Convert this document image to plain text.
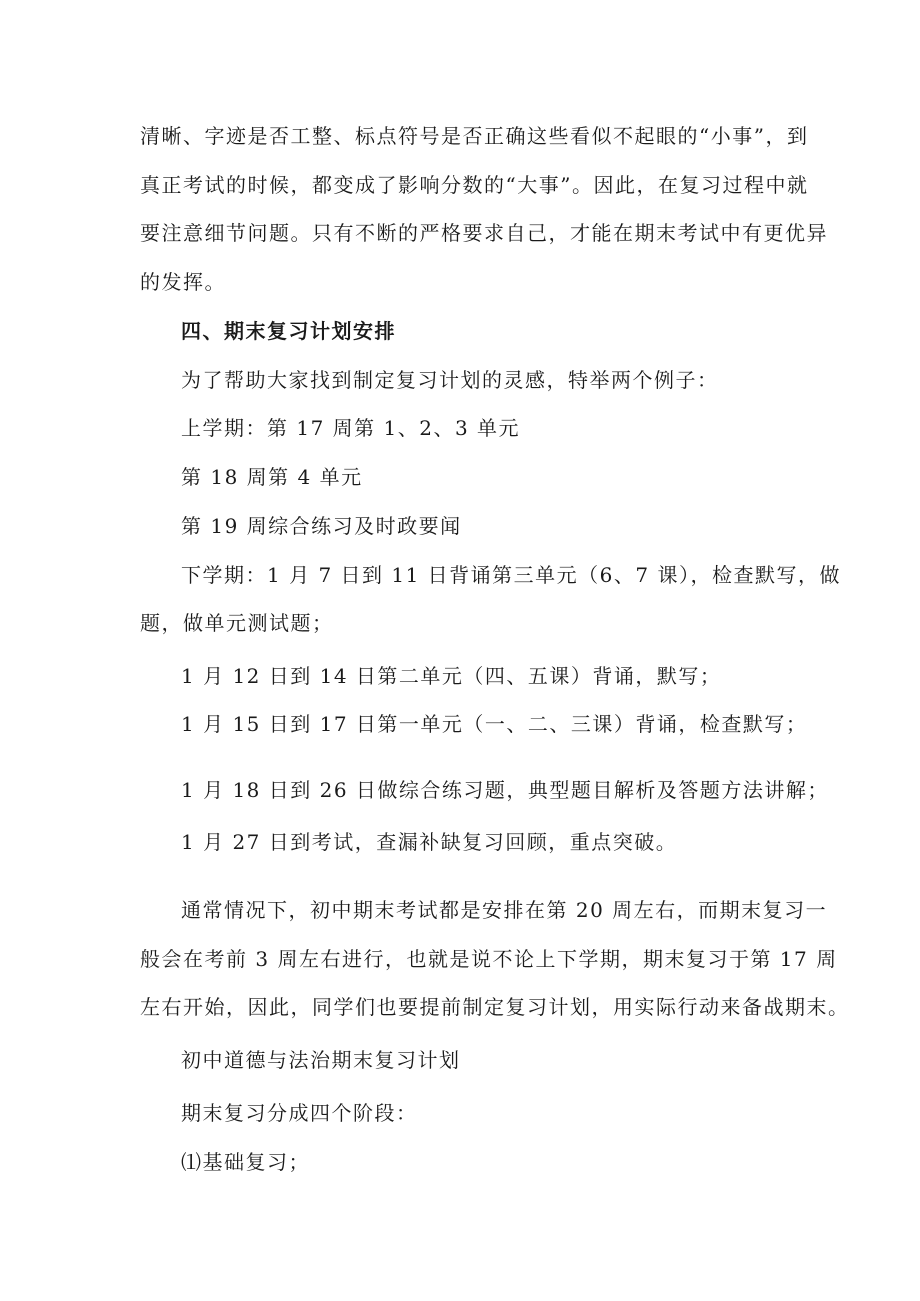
清晰、字迹是否工整、标点符号是否正确这些看似不起眼的“小事”，到
真正考试的时候，都变成了影响分数的“大事”。因此，在复习过程中就
要注意细节问题。只有不断的严格要求自己，才能在期末考试中有更优异
的发挥。
四、期末复习计划安排
为了帮助大家找到制定复习计划的灵感，特举两个例子：
上学期：第 17 周第 1、2、3 单元
第 18 周第 4 单元
第 19 周综合练习及时政要闻
下学期：1 月 7 日到 11 日背诵第三单元（6、7 课），检查默写，做
题，做单元测试题；
1 月 12 日到 14 日第二单元（四、五课）背诵，默写；
1 月 15 日到 17 日第一单元（一、二、三课）背诵，检查默写；
1 月 18 日到 26 日做综合练习题，典型题目解析及答题方法讲解；
1 月 27 日到考试，查漏补缺复习回顾，重点突破。
通常情况下，初中期末考试都是安排在第 20 周左右，而期末复习一
般会在考前 3 周左右进行，也就是说不论上下学期，期末复习于第 17 周
左右开始，因此，同学们也要提前制定复习计划，用实际行动来备战期末。
初中道德与法治期末复习计划
期末复习分成四个阶段：
⑴基础复习；
